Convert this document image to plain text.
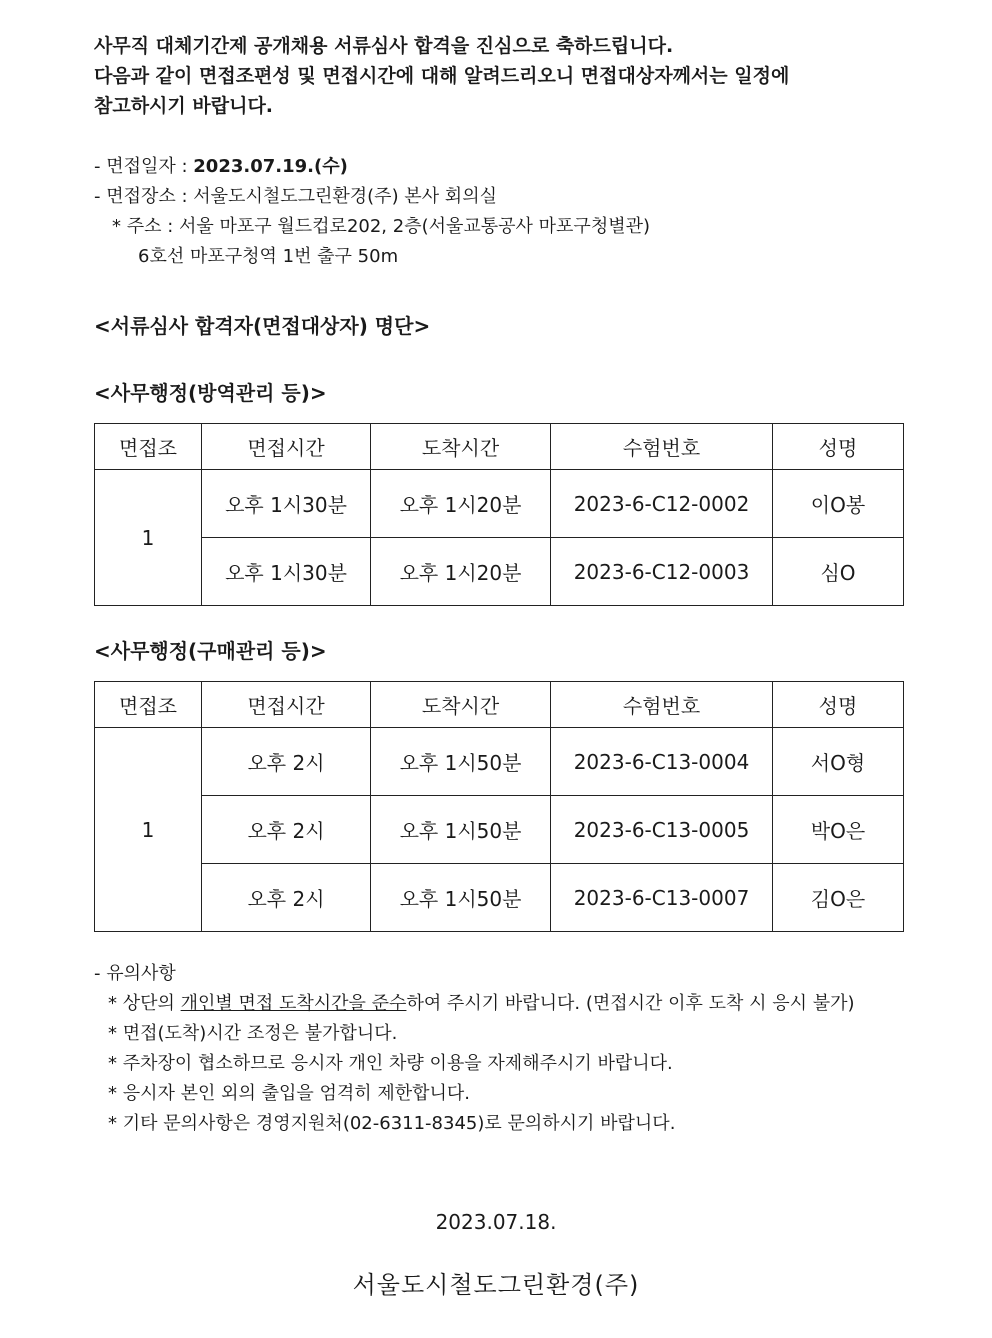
사무직 대체기간제 공개채용 서류심사 합격을 진심으로 축하드립니다.

다음과 같이 면접조편성 및 면접시간에 대해 알려드리오니 면접대상자께서는 일정에

참고하시기 바랍니다.

- 면접일자 : 2023.07.19.(수)
- 면접장소 : 서울도시철도그린환경(주) 본사 회의실
* 주소 : 서울 마포구 월드컵로202, 2층(서울교통공사 마포구청별관)
6호선 마포구청역 1번 출구 50m
<서류심사 합격자(면접대상자) 명단>
<사무행정(방역관리 등)>
면접조	면접시간	도착시간	수험번호	성명
1	오후 1시30분	오후 1시20분	2023-6-C12-0002	이O봉
	오후 1시30분	오후 1시20분	2023-6-C12-0003	심O
<사무행정(구매관리 등)>
면접조	면접시간	도착시간	수험번호	성명
1	오후 2시	오후 1시50분	2023-6-C13-0004	서O형
	오후 2시	오후 1시50분	2023-6-C13-0005	박O은
	오후 2시	오후 1시50분	2023-6-C13-0007	김O은
- 유의사항
* 상단의 개인별 면접 도착시간을 준수하여 주시기 바랍니다. (면접시간 이후 도착 시 응시 불가)
* 면접(도착)시간 조정은 불가합니다.
* 주차장이 협소하므로 응시자 개인 차량 이용을 자제해주시기 바랍니다.
* 응시자 본인 외의 출입을 엄격히 제한합니다.
* 기타 문의사항은 경영지원처(02-6311-8345)로 문의하시기 바랍니다.
2023.07.18.
서울도시철도그린환경(주)
